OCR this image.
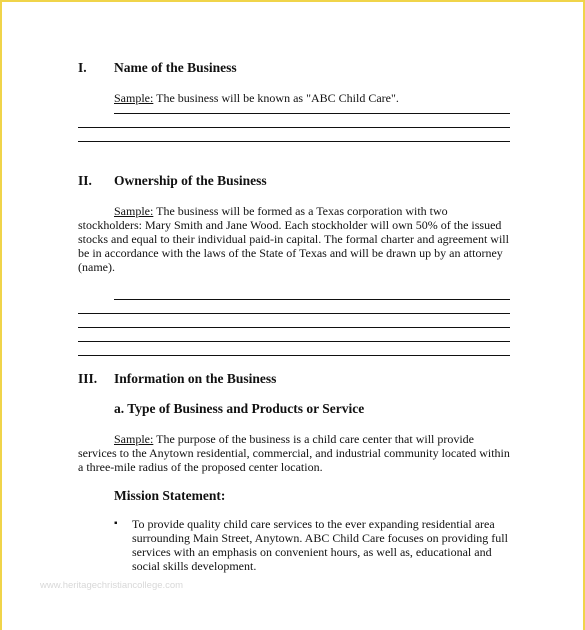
I. Name of the Business
Sample: The business will be known as "ABC Child Care".
II. Ownership of the Business
Sample: The business will be formed as a Texas corporation with two stockholders: Mary Smith and Jane Wood. Each stockholder will own 50% of the issued stocks and equal to their individual paid-in capital. The formal charter and agreement will be in accordance with the laws of the State of Texas and will be drawn up by an attorney (name).
III. Information on the Business
a. Type of Business and Products or Service
Sample: The purpose of the business is a child care center that will provide services to the Anytown residential, commercial, and industrial community located within a three-mile radius of the proposed center location.
Mission Statement:
▪ To provide quality child care services to the ever expanding residential area surrounding Main Street, Anytown. ABC Child Care focuses on providing full services with an emphasis on convenient hours, as well as, educational and social skills development.
www.heritagechristiancollege.com
